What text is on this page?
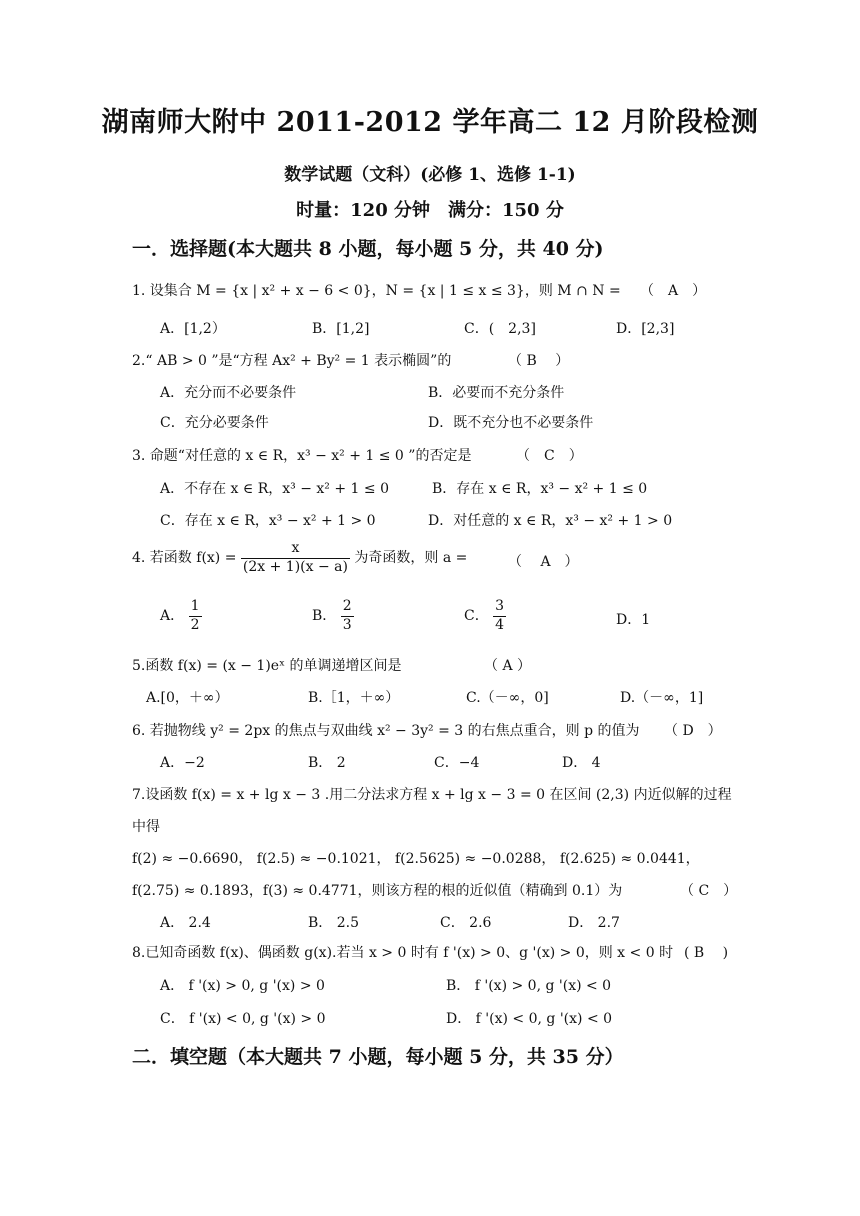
湖南师大附中 2011-2012 学年高二 12 月阶段检测
数学试题（文科）(必修 1、选修 1-1)
时量：120 分钟　满分：150 分
一．选择题(本大题共 8 小题，每小题 5 分，共 40 分)
1. 设集合 M = {x | x² + x − 6 < 0}，N = {x | 1 ≤ x ≤ 3}，则 M ∩ N = （　A　）
A．[1,2）	B．[1,2]	C．(　2,3]	D．[2,3]
2.“ AB > 0 ”是“方程 Ax² + By² = 1 表示椭圆”的	（ B　 ）
A．充分而不必要条件	B．必要而不充分条件
C．充分必要条件	D．既不充分也不必要条件
3. 命题“对任意的 x ∈ R，x³ − x² + 1 ≤ 0 ”的否定是	（　C　）
A．不存在 x ∈ R，x³ − x² + 1 ≤ 0	B．存在 x ∈ R，x³ − x² + 1 ≤ 0
C．存在 x ∈ R，x³ − x² + 1 > 0	D．对任意的 x ∈ R，x³ − x² + 1 > 0
4. 若函数 $f(x) = \frac{x}{(2x + 1)(x - a)}$ 为奇函数，则 a =	（　 A　）
A． $\frac{1}{2}$	B． $\frac{2}{3}$	C． $\frac{3}{4}$	D．1
5.函数 f(x) = (x − 1)eˣ 的单调递增区间是	（ A ）
A.[0，＋∞）	B.［1，＋∞）	C.（－∞，0]	D.（－∞，1]
6. 若抛物线 y² = 2px 的焦点与双曲线 x² − 3y² = 3 的右焦点重合，则 p 的值为 （ D　）
A．−2	B． 2	C．−4	D． 4
7.设函数 f(x) = x + lg x − 3 .用二分法求方程 x + lg x − 3 = 0 在区间 (2,3) 内近似解的过程
中得
f(2) ≈ −0.6690， f(2.5) ≈ −0.1021， f(2.5625) ≈ −0.0288， f(2.625) ≈ 0.0441，
f(2.75) ≈ 0.1893，f(3) ≈ 0.4771，则该方程的根的近似值（精确到 0.1）为	（ C　）
A． 2.4	B． 2.5	C． 2.6	D． 2.7
8.已知奇函数 f(x)、偶函数 g(x).若当 x > 0 时有 f '(x) > 0、g '(x) > 0，则 x < 0 时 ( B　 )
A． f '(x) > 0, g '(x) > 0	B． f '(x) > 0, g '(x) < 0
C． f '(x) < 0, g '(x) > 0	D． f '(x) < 0, g '(x) < 0
二．填空题（本大题共 7 小题，每小题 5 分，共 35 分）
